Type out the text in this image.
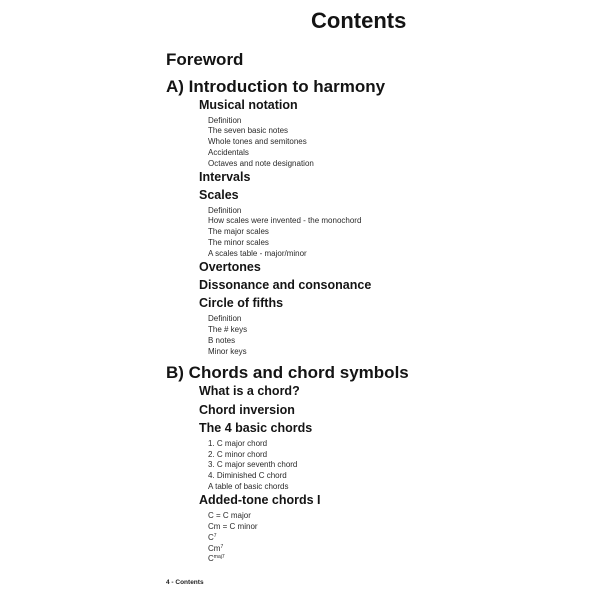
Contents
Foreword
A) Introduction to harmony
Musical notation
Definition
The seven basic notes
Whole tones and semitones
Accidentals
Octaves and note designation
Intervals
Scales
Definition
How scales were invented - the monochord
The major scales
The minor scales
A scales table - major/minor
Overtones
Dissonance and consonance
Circle of fifths
Definition
The # keys
B notes
Minor keys
B) Chords and chord symbols
What is a chord?
Chord inversion
The 4 basic chords
1. C major chord
2. C minor chord
3. C major seventh chord
4. Diminished C chord
A table of basic chords
Added-tone chords I
C = C major
Cm = C minor
$C^7$
Cm$^7$
$C^{maj7}$
4 - Contents
